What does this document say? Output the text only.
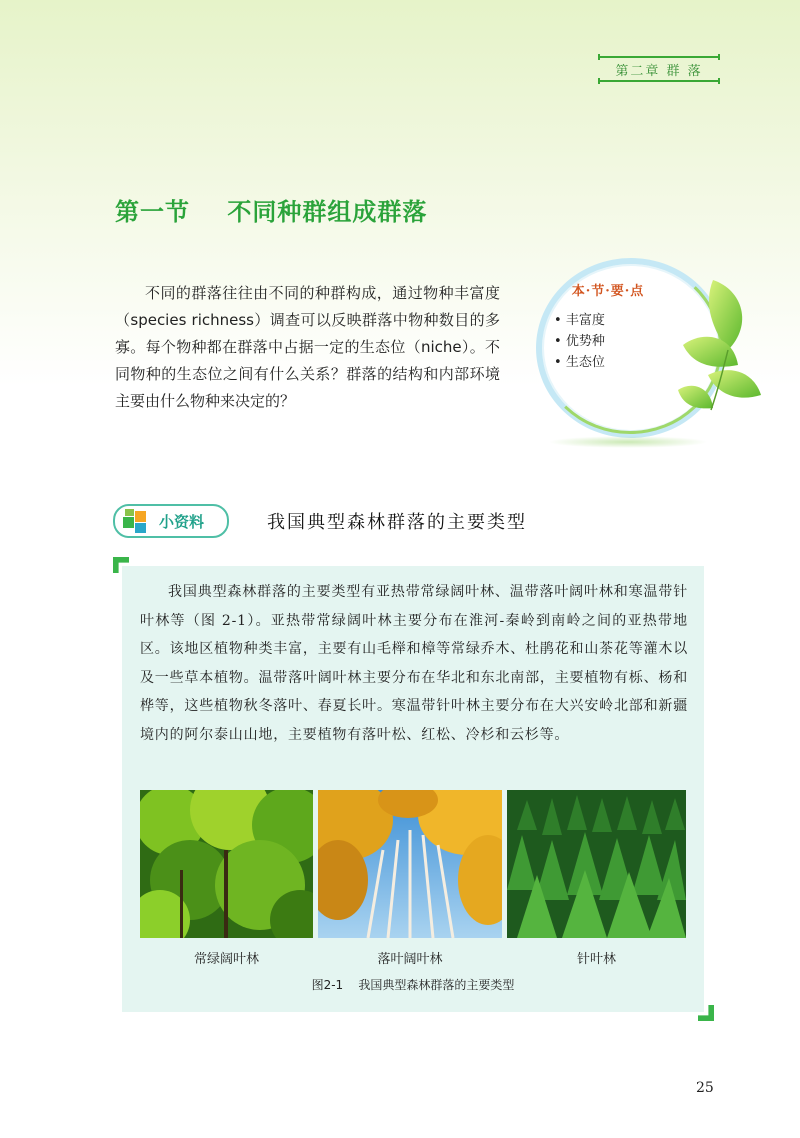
第二章 群 落
第一节    不同种群组成群落
不同的群落往往由不同的种群构成，通过物种丰富度（species richness）调查可以反映群落中物种数目的多寡。每个物种都在群落中占据一定的生态位（niche）。不同物种的生态位之间有什么关系？群落的结构和内部环境主要由什么物种来决定的？
本·节·要·点
• 丰富度
• 优势种
• 生态位
小资料	我国典型森林群落的主要类型
我国典型森林群落的主要类型有亚热带常绿阔叶林、温带落叶阔叶林和寒温带针叶林等（图 2-1）。亚热带常绿阔叶林主要分布在淮河-秦岭到南岭之间的亚热带地区。该地区植物种类丰富，主要有山毛榉和樟等常绿乔木、杜鹃花和山茶花等灌木以及一些草本植物。温带落叶阔叶林主要分布在华北和东北南部，主要植物有栎、杨和桦等，这些植物秋冬落叶、春夏长叶。寒温带针叶林主要分布在大兴安岭北部和新疆境内的阿尔泰山山地，主要植物有落叶松、红松、冷杉和云杉等。
常绿阔叶林	落叶阔叶林	针叶林
图2-1    我国典型森林群落的主要类型
25
